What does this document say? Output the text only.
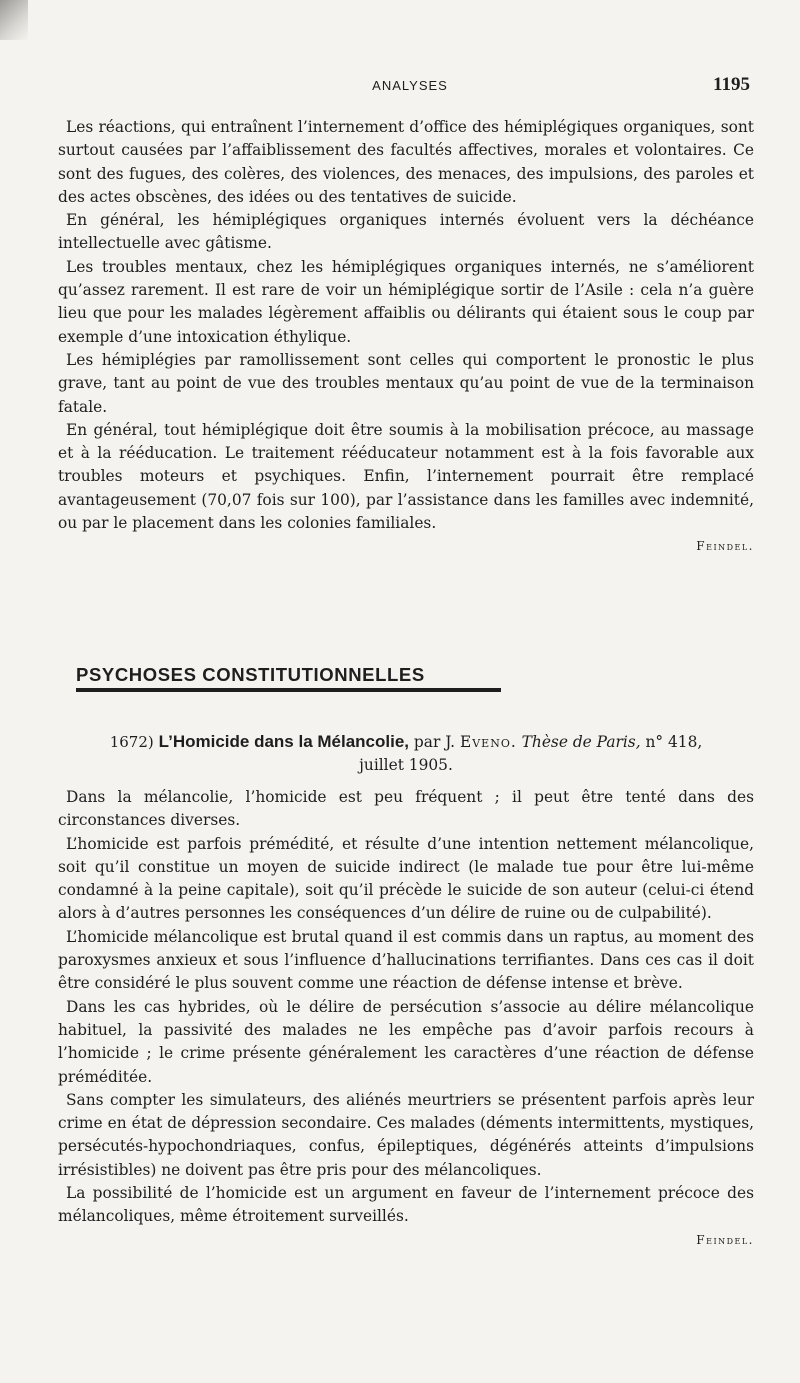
ANALYSES	1195

Les réactions, qui entraînent l’internement d’office des hémiplégiques organiques, sont surtout causées par l’affaiblissement des facultés affectives, morales et volontaires. Ce sont des fugues, des colères, des violences, des menaces, des impulsions, des paroles et des actes obscènes, des idées ou des tentatives de suicide.

En général, les hémiplégiques organiques internés évoluent vers la déchéance intellectuelle avec gâtisme.

Les troubles mentaux, chez les hémiplégiques organiques internés, ne s’améliorent qu’assez rarement. Il est rare de voir un hémiplégique sortir de l’Asile : cela n’a guère lieu que pour les malades légèrement affaiblis ou délirants qui étaient sous le coup par exemple d’une intoxication éthylique.

Les hémiplégies par ramollissement sont celles qui comportent le pronostic le plus grave, tant au point de vue des troubles mentaux qu’au point de vue de la terminaison fatale.

En général, tout hémiplégique doit être soumis à la mobilisation précoce, au massage et à la rééducation. Le traitement rééducateur notamment est à la fois favorable aux troubles moteurs et psychiques. Enfin, l’internement pourrait être remplacé avantageusement (70,07 fois sur 100), par l’assistance dans les familles avec indemnité, ou par le placement dans les colonies familiales.

Feindel.

PSYCHOSES CONSTITUTIONNELLES
1672) L’Homicide dans la Mélancolie, par J. Eveno. Thèse de Paris, n° 418,
juillet 1905.

Dans la mélancolie, l’homicide est peu fréquent ; il peut être tenté dans des circonstances diverses.

L’homicide est parfois prémédité, et résulte d’une intention nettement mélancolique, soit qu’il constitue un moyen de suicide indirect (le malade tue pour être lui-même condamné à la peine capitale), soit qu’il précède le suicide de son auteur (celui-ci étend alors à d’autres personnes les conséquences d’un délire de ruine ou de culpabilité).

L’homicide mélancolique est brutal quand il est commis dans un raptus, au moment des paroxysmes anxieux et sous l’influence d’hallucinations terrifiantes. Dans ces cas il doit être considéré le plus souvent comme une réaction de défense intense et brève.

Dans les cas hybrides, où le délire de persécution s’associe au délire mélancolique habituel, la passivité des malades ne les empêche pas d’avoir parfois recours à l’homicide ; le crime présente généralement les caractères d’une réaction de défense préméditée.

Sans compter les simulateurs, des aliénés meurtriers se présentent parfois après leur crime en état de dépression secondaire. Ces malades (déments intermittents, mystiques, persécutés-hypochondriaques, confus, épileptiques, dégénérés atteints d’impulsions irrésistibles) ne doivent pas être pris pour des mélancoliques.

La possibilité de l’homicide est un argument en faveur de l’internement précoce des mélancoliques, même étroitement surveillés.

Feindel.
